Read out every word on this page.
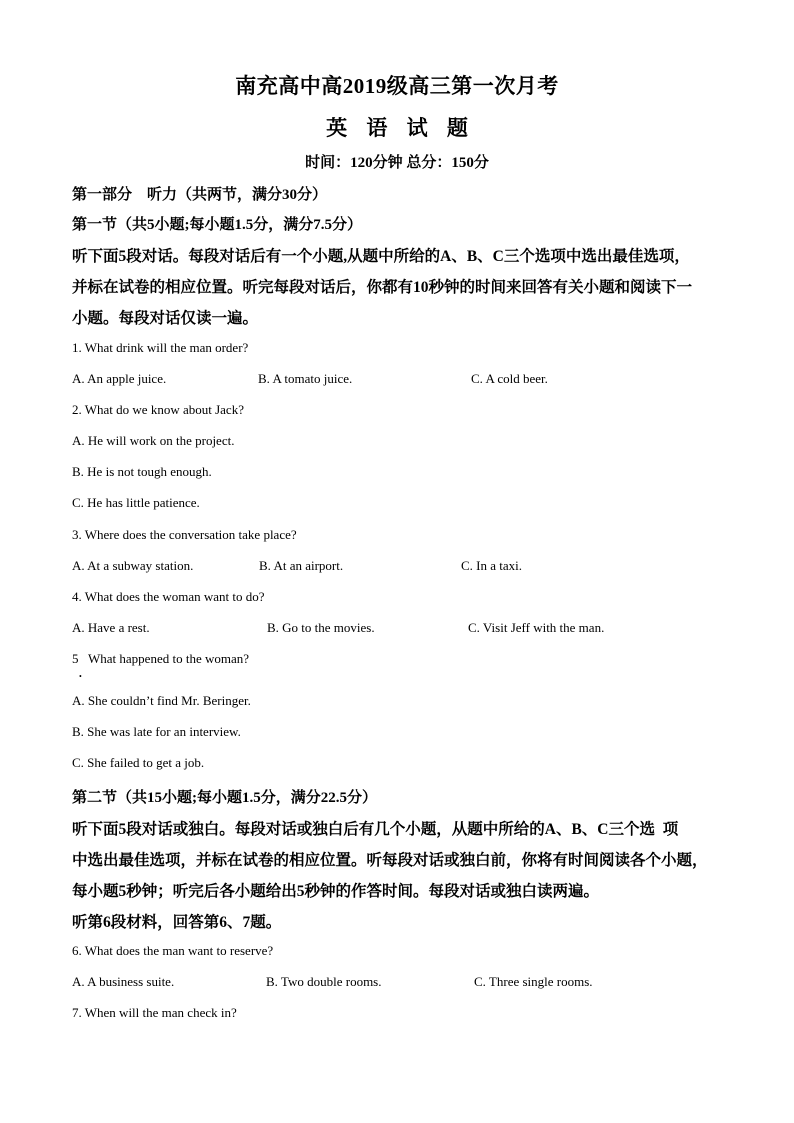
南充高中高2019级高三第一次月考
英 语 试 题
时间：120分钟 总分：150分
第一部分　听力（共两节，满分30分）
第一节（共5小题;每小题1.5分，满分7.5分）
听下面5段对话。每段对话后有一个小题,从题中所给的A、B、C三个选项中选出最佳选项，
并标在试卷的相应位置。听完每段对话后，你都有10秒钟的时间来回答有关小题和阅读下一
小题。每段对话仅读一遍。
1. What drink will the man order?
A. An apple juice.	B. A tomato juice.	C. A cold beer.
2. What do we know about Jack?
A. He will work on the project.
B. He is not tough enough.
C. He has little patience.
3. Where does the conversation take place?
A. At a subway station.	B. At an airport.	C. In a taxi.
4. What does the woman want to do?
A. Have a rest.	B. Go to the movies.	C. Visit Jeff with the man.
5   What happened to the woman?
•
A. She couldn’t find Mr. Beringer.
B. She was late for an interview.
C. She failed to get a job.
第二节（共15小题;每小题1.5分，满分22.5分）
听下面5段对话或独白。每段对话或独白后有几个小题，从题中所给的A、B、C三个选  项
中选出最佳选项，并标在试卷的相应位置。听每段对话或独白前，你将有时间阅读各个小题，
每小题5秒钟；听完后各小题给出5秒钟的作答时间。每段对话或独白读两遍。
听第6段材料，回答第6、7题。
6. What does the man want to reserve?
A. A business suite.	B. Two double rooms.	C. Three single rooms.
7. When will the man check in?
